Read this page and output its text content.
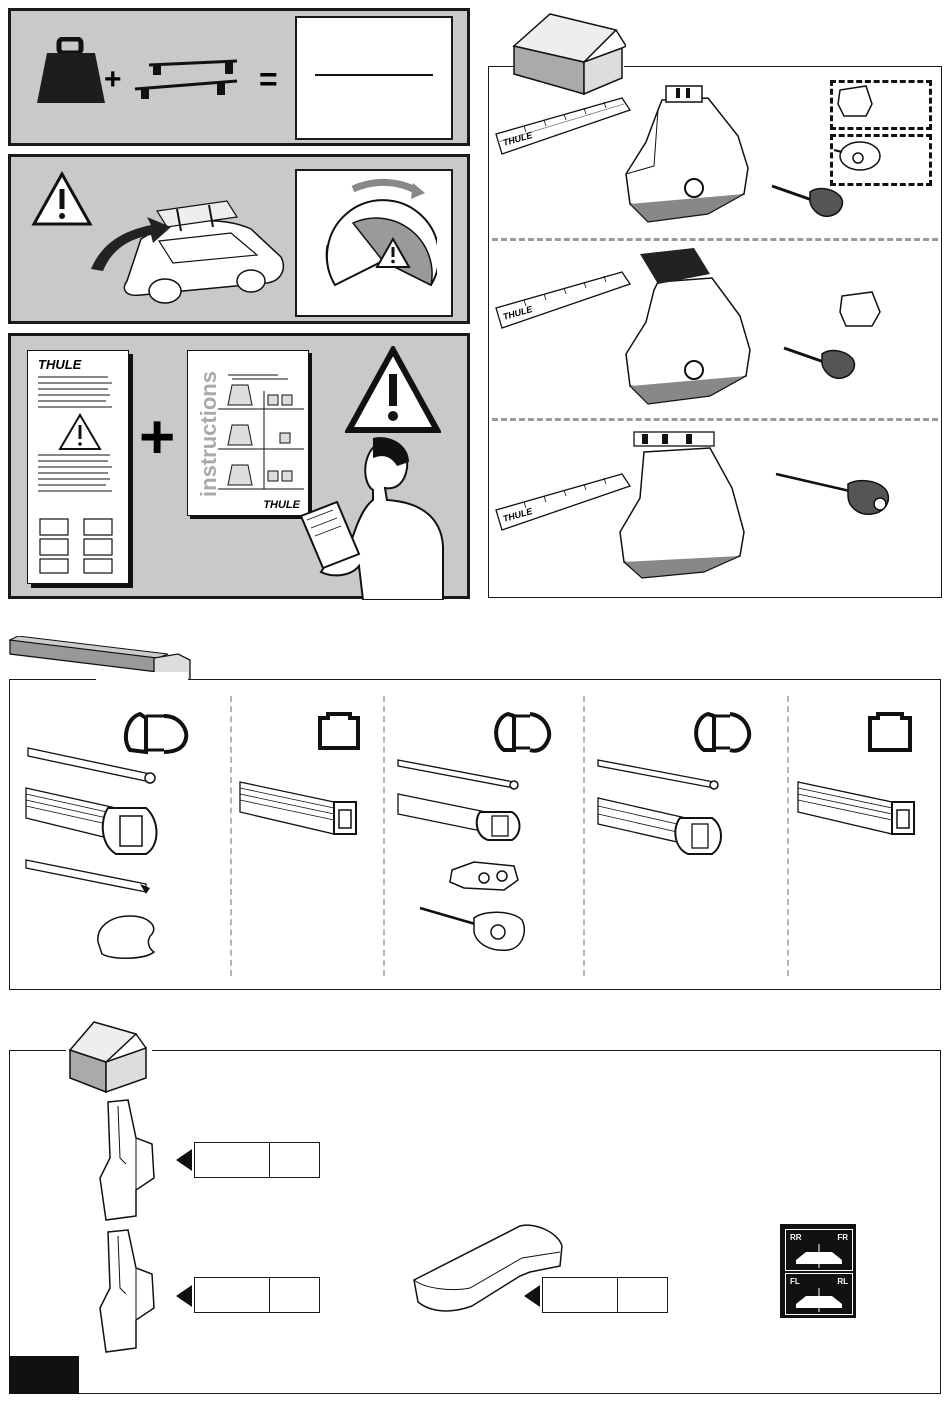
+	=
THULE
+ instructions
THULE
THULE
THULE
THULE
RR	FR
FL	RL
